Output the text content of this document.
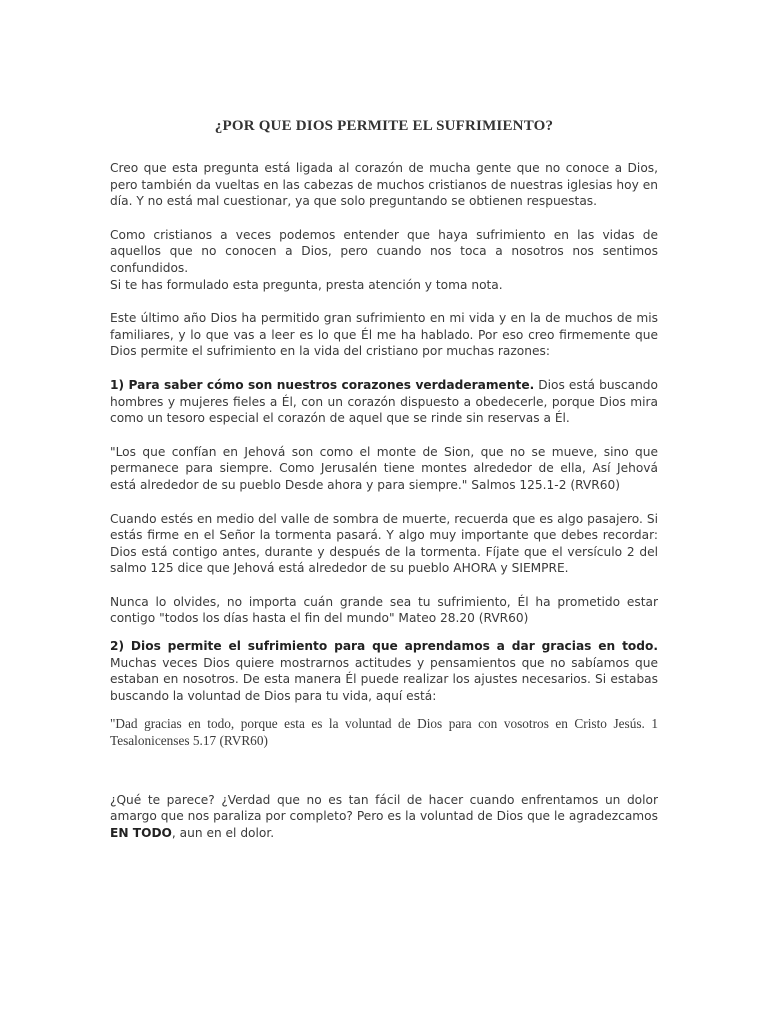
¿POR QUE DIOS PERMITE EL SUFRIMIENTO?

Creo que esta pregunta está ligada al corazón de mucha gente que no conoce a Dios, pero también da vueltas en las cabezas de muchos cristianos de nuestras iglesias hoy en día. Y no está mal cuestionar, ya que solo preguntando se obtienen respuestas.

Como cristianos a veces podemos entender que haya sufrimiento en las vidas de aquellos que no conocen a Dios, pero cuando nos toca a nosotros nos sentimos confundidos.
Si te has formulado esta pregunta, presta atención y toma nota.

Este último año Dios ha permitido gran sufrimiento en mi vida y en la de muchos de mis familiares, y lo que vas a leer es lo que Él me ha hablado. Por eso creo firmemente que Dios permite el sufrimiento en la vida del cristiano por muchas razones:

1) Para saber cómo son nuestros corazones verdaderamente. Dios está buscando hombres y mujeres fieles a Él, con un corazón dispuesto a obedecerle, porque Dios mira como un tesoro especial el corazón de aquel que se rinde sin reservas a Él.

"Los que confían en Jehová son como el monte de Sion, que no se mueve, sino que permanece para siempre. Como Jerusalén tiene montes alrededor de ella, Así Jehová está alrededor de su pueblo Desde ahora y para siempre." Salmos 125.1-2 (RVR60)

Cuando estés en medio del valle de sombra de muerte, recuerda que es algo pasajero. Si estás firme en el Señor la tormenta pasará. Y algo muy importante que debes recordar: Dios está contigo antes, durante y después de la tormenta. Fíjate que el versículo 2 del salmo 125 dice que Jehová está alrededor de su pueblo AHORA y SIEMPRE.

Nunca lo olvides, no importa cuán grande sea tu sufrimiento, Él ha prometido estar contigo "todos los días hasta el fin del mundo" Mateo 28.20 (RVR60)

2) Dios permite el sufrimiento para que aprendamos a dar gracias en todo. Muchas veces Dios quiere mostrarnos actitudes y pensamientos que no sabíamos que estaban en nosotros. De esta manera Él puede realizar los ajustes necesarios. Si estabas buscando la voluntad de Dios para tu vida, aquí está:

"Dad gracias en todo, porque esta es la voluntad de Dios para con vosotros en Cristo Jesús. 1 Tesalonicenses 5.17 (RVR60)

¿Qué te parece? ¿Verdad que no es tan fácil de hacer cuando enfrentamos un dolor amargo que nos paraliza por completo? Pero es la voluntad de Dios que le agradezcamos EN TODO, aun en el dolor.
